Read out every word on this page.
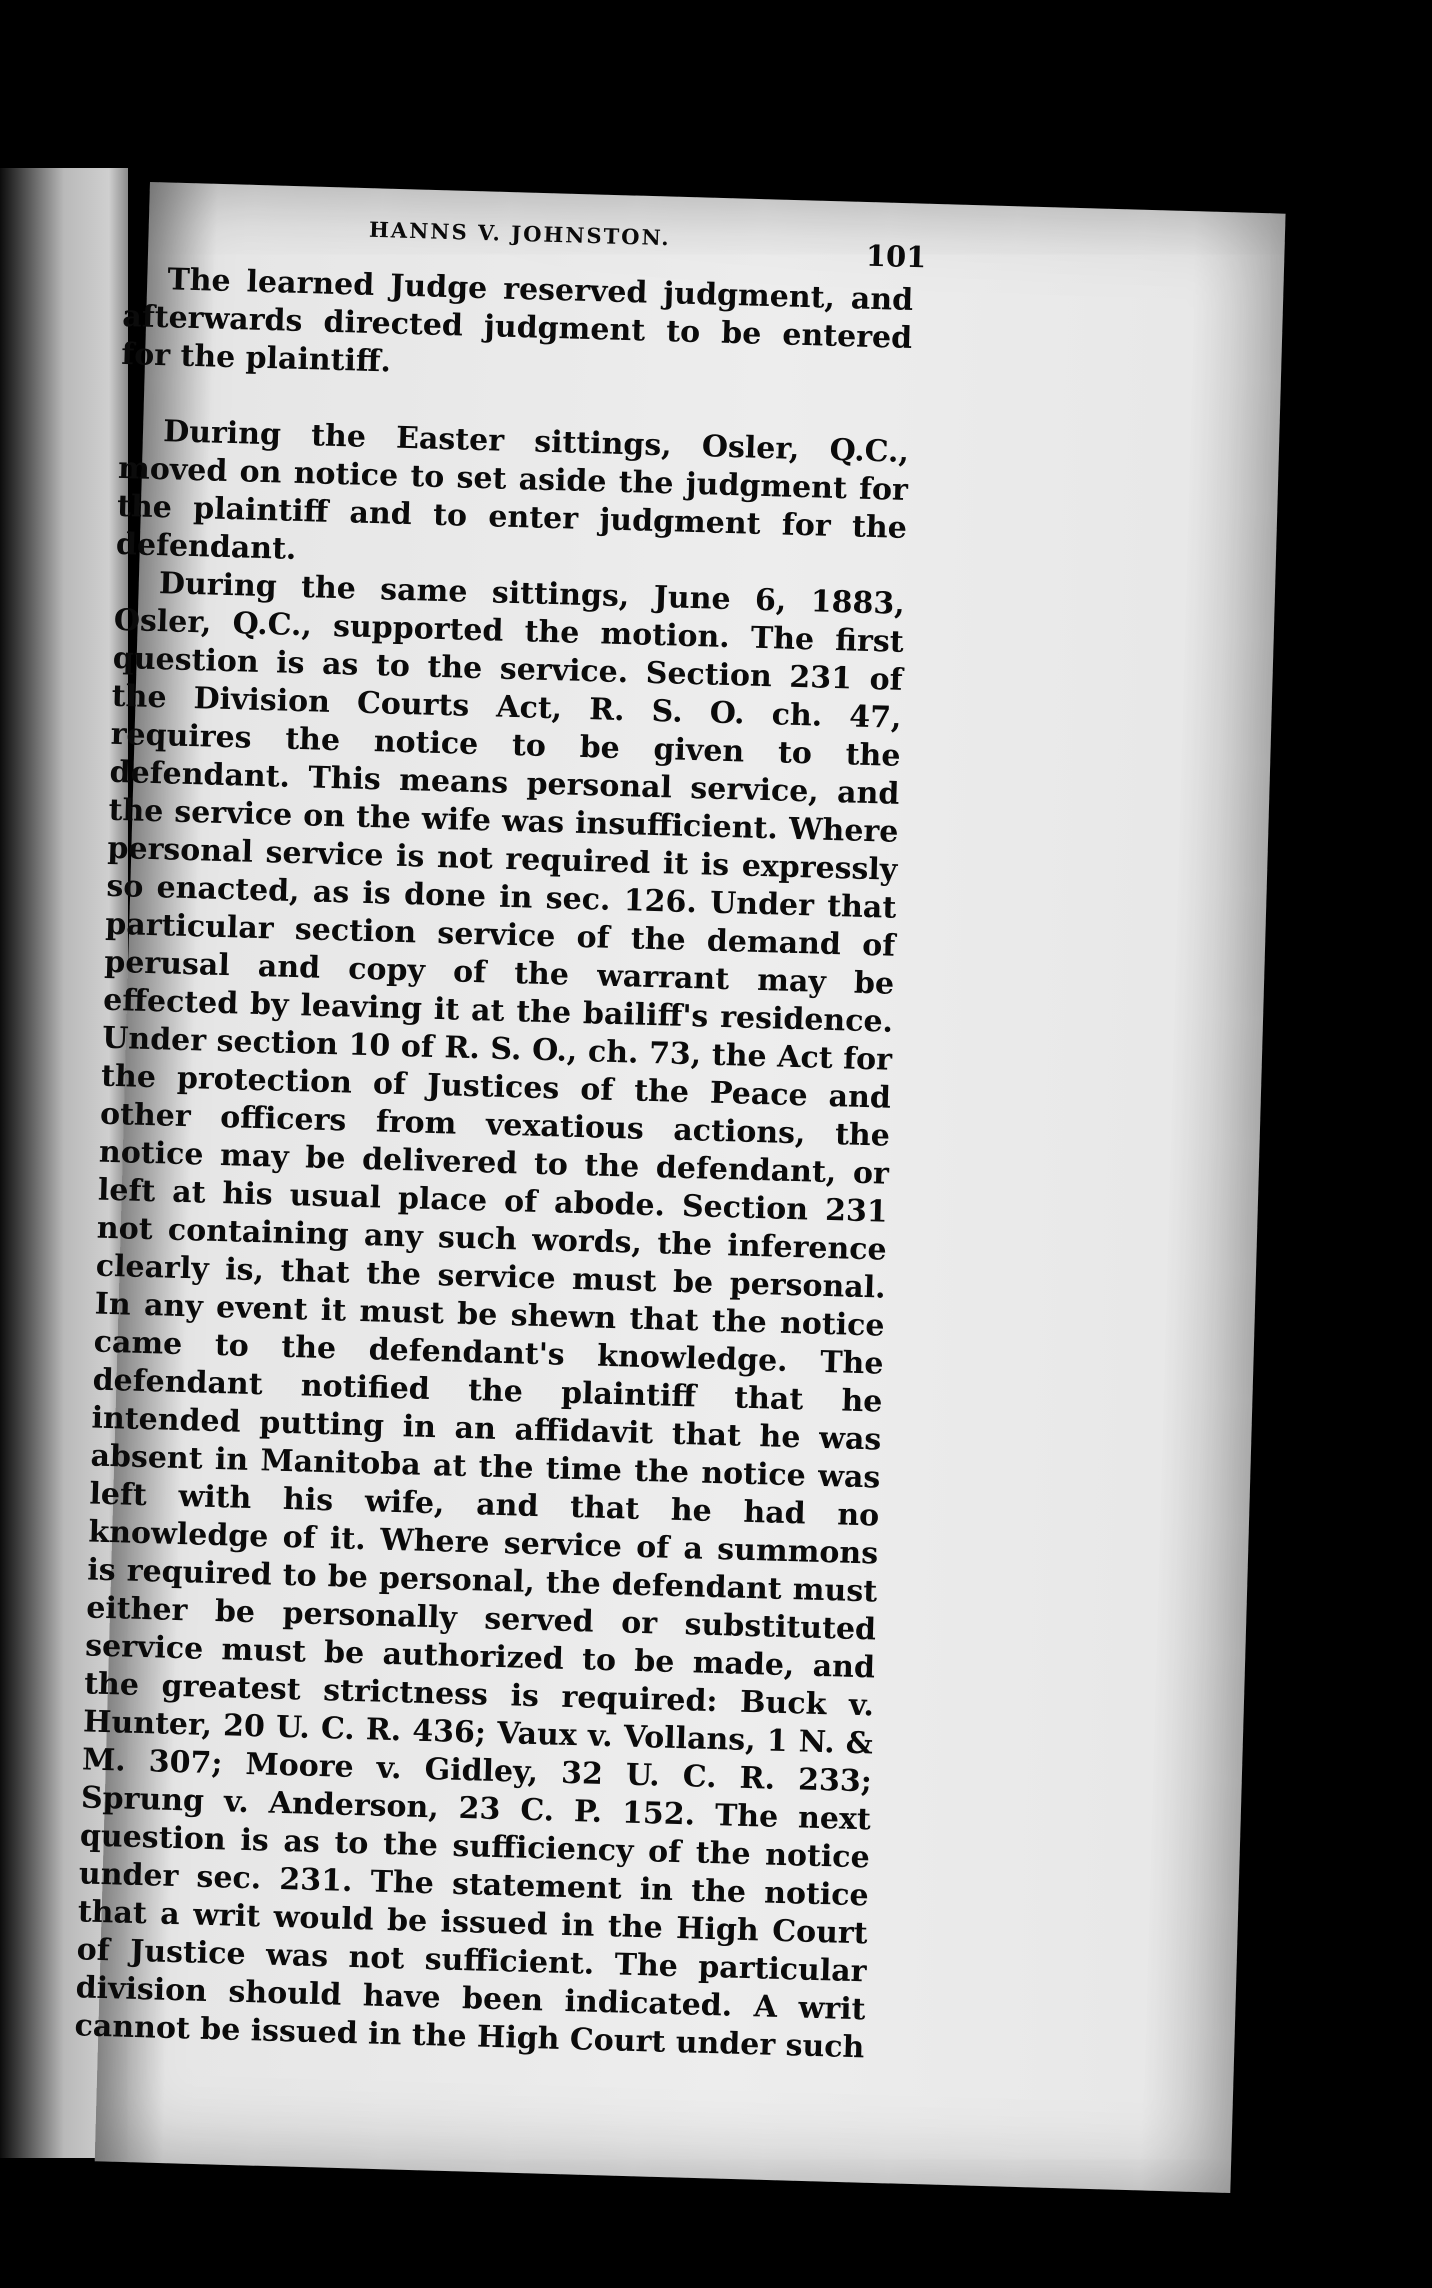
HANNS V. JOHNSTON.
101

The learned Judge reserved judgment, and afterwards directed judgment to be entered for the plaintiff.

During the Easter sittings, Osler, Q.C., moved on notice to set aside the judgment for the plaintiff and to enter judgment for the defendant.

During the same sittings, June 6, 1883, Osler, Q.C., supported the motion. The first question is as to the service. Section 231 of the Division Courts Act, R. S. O. ch. 47, requires the notice to be given to the defendant. This means personal service, and the service on the wife was insufficient. Where personal service is not required it is expressly so enacted, as is done in sec. 126. Under that particular section service of the demand of perusal and copy of the warrant may be effected by leaving it at the bailiff's residence. Under section 10 of R. S. O., ch. 73, the Act for the protection of Justices of the Peace and other officers from vexatious actions, the notice may be delivered to the defendant, or left at his usual place of abode. Section 231 not containing any such words, the inference clearly is, that the service must be personal. In any event it must be shewn that the notice came to the defendant's knowledge. The defendant notified the plaintiff that he intended putting in an affidavit that he was absent in Manitoba at the time the notice was left with his wife, and that he had no knowledge of it. Where service of a summons is required to be personal, the defendant must either be personally served or substituted service must be authorized to be made, and the greatest strictness is required: Buck v. Hunter, 20 U. C. R. 436; Vaux v. Vollans, 1 N. & M. 307; Moore v. Gidley, 32 U. C. R. 233; Sprung v. Anderson, 23 C. P. 152. The next question is as to the sufficiency of the notice under sec. 231. The statement in the notice that a writ would be issued in the High Court of Justice was not sufficient. The particular division should have been indicated. A writ cannot be issued in the High Court under such
